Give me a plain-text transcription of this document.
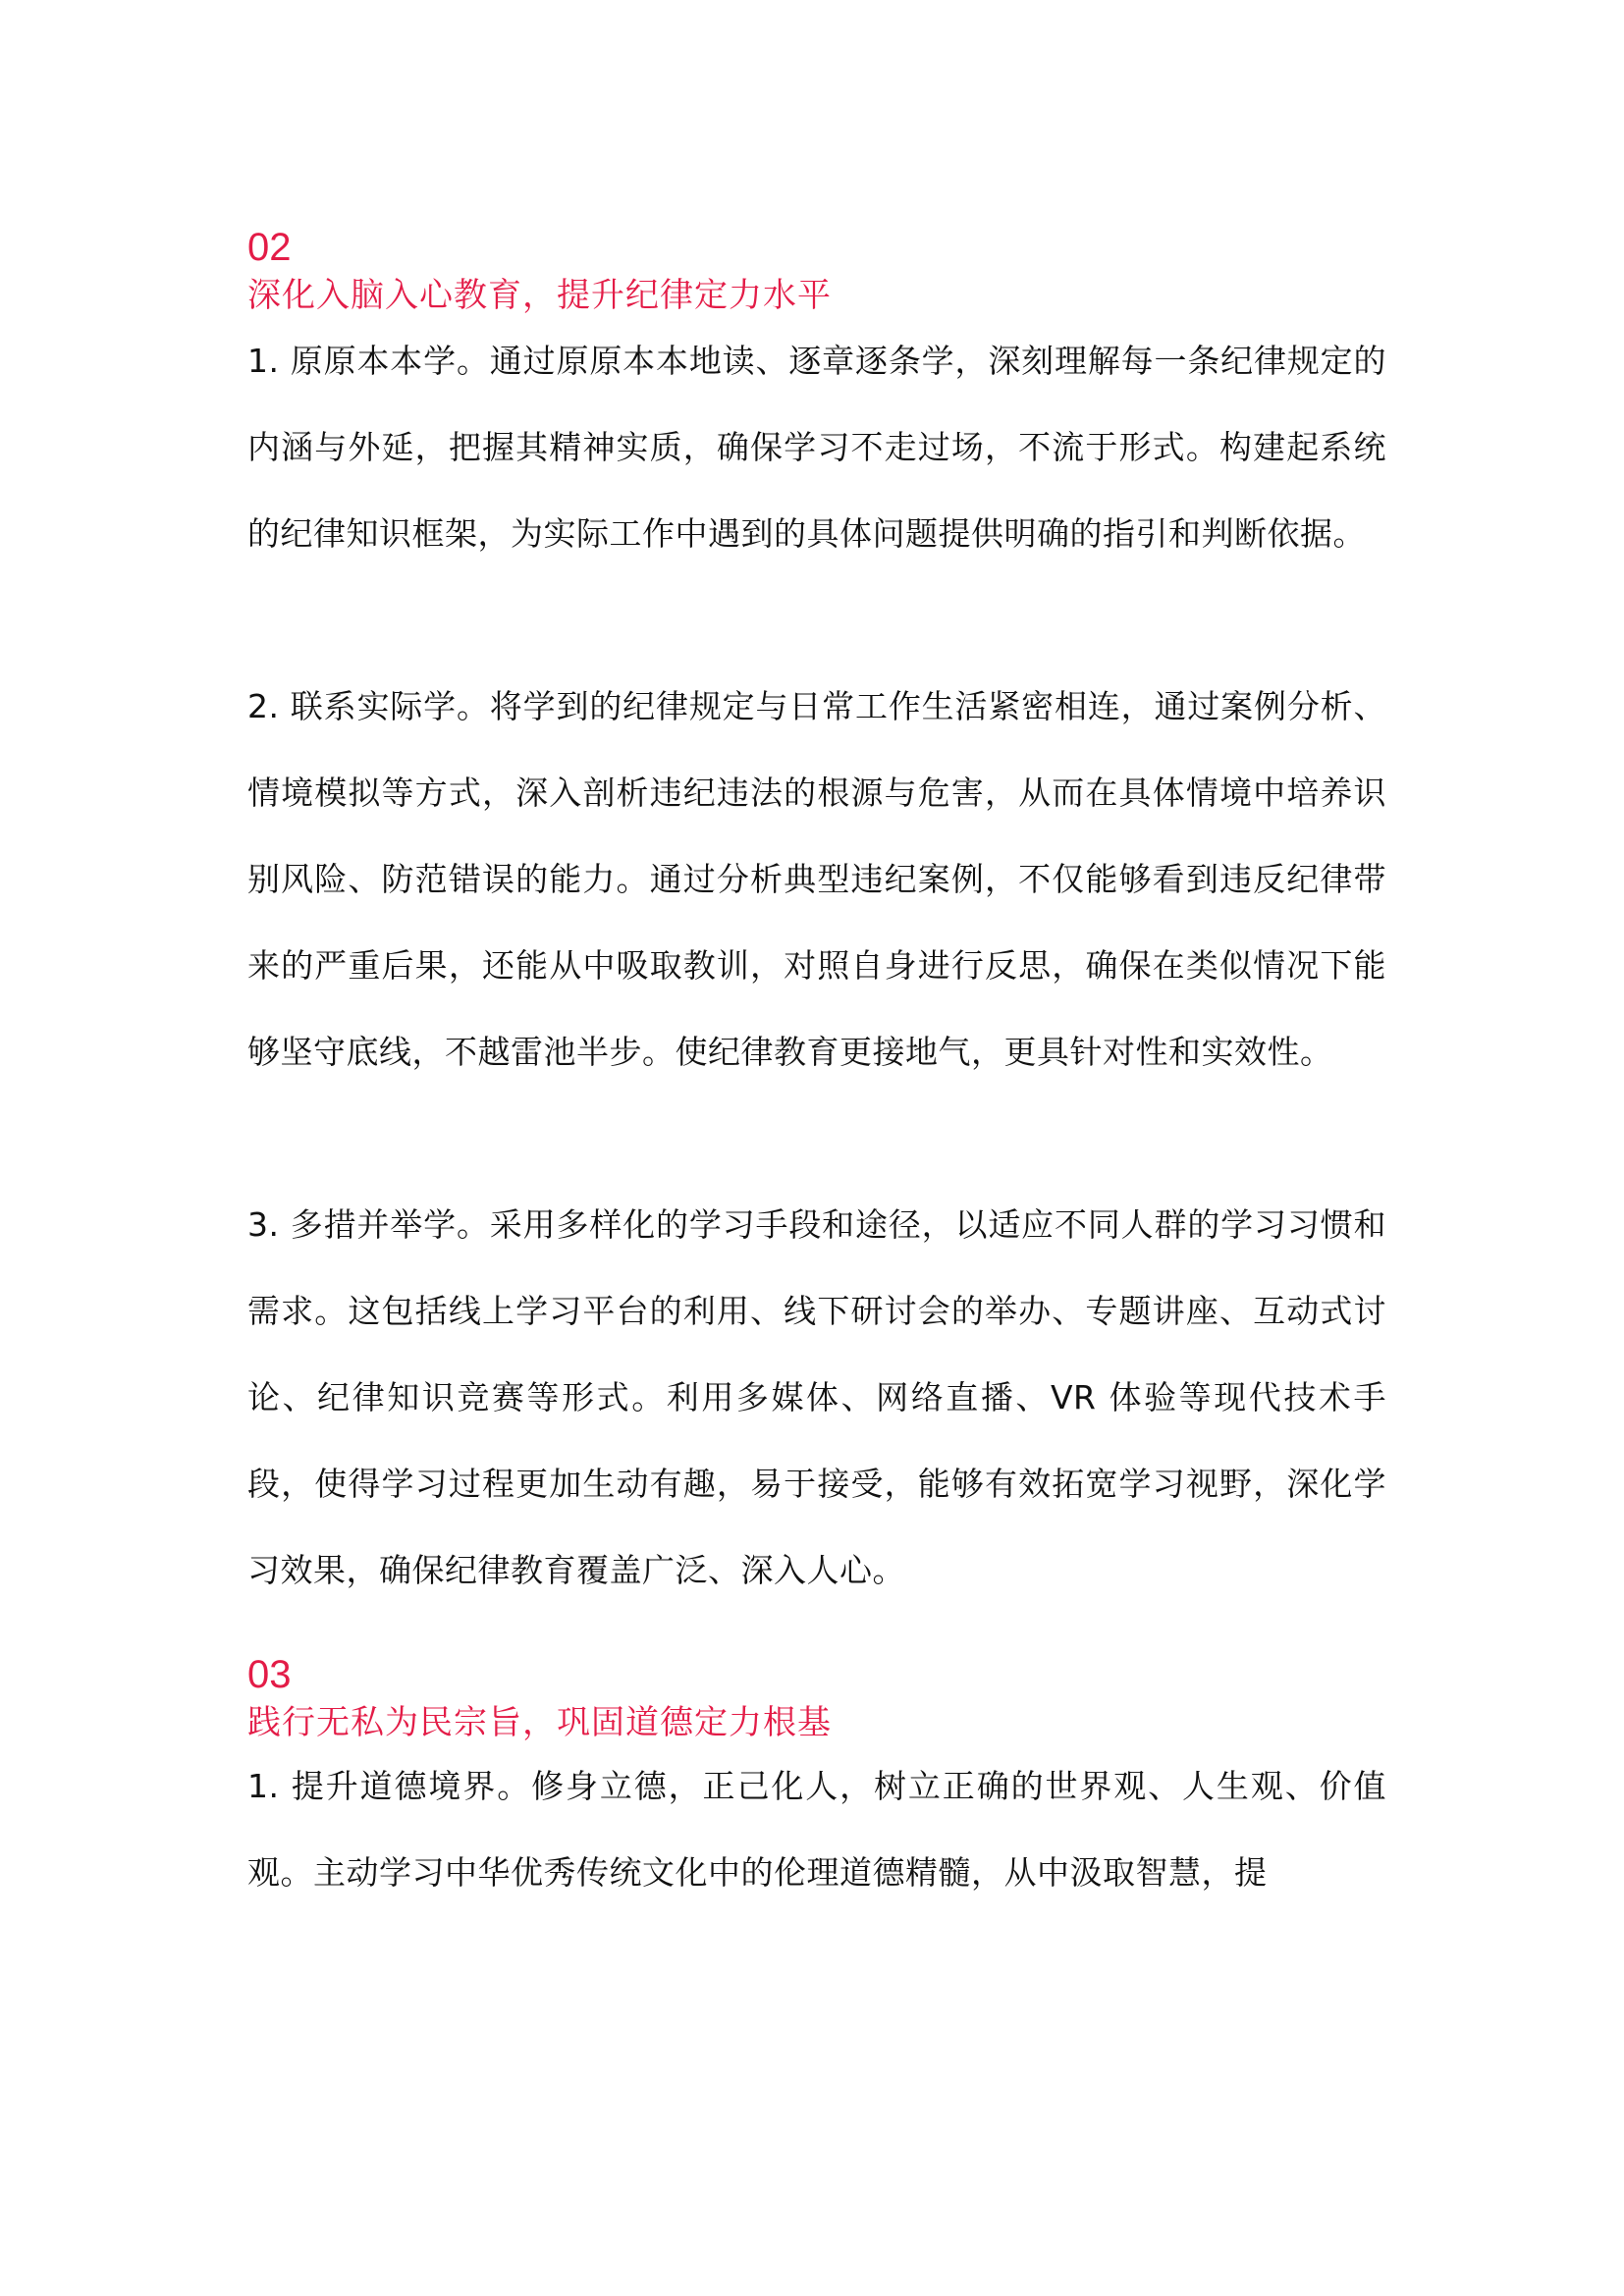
02
深化入脑入心教育，提升纪律定力水平

1. 原原本本学。通过原原本本地读、逐章逐条学，深刻理解每一条纪律规定的内涵与外延，把握其精神实质，确保学习不走过场，不流于形式。构建起系统的纪律知识框架，为实际工作中遇到的具体问题提供明确的指引和判断依据。

2. 联系实际学。将学到的纪律规定与日常工作生活紧密相连，通过案例分析、情境模拟等方式，深入剖析违纪违法的根源与危害，从而在具体情境中培养识别风险、防范错误的能力。通过分析典型违纪案例，不仅能够看到违反纪律带来的严重后果，还能从中吸取教训，对照自身进行反思，确保在类似情况下能够坚守底线，不越雷池半步。使纪律教育更接地气，更具针对性和实效性。

3. 多措并举学。采用多样化的学习手段和途径，以适应不同人群的学习习惯和需求。这包括线上学习平台的利用、线下研讨会的举办、专题讲座、互动式讨论、纪律知识竞赛等形式。利用多媒体、网络直播、VR 体验等现代技术手段，使得学习过程更加生动有趣，易于接受，能够有效拓宽学习视野，深化学习效果，确保纪律教育覆盖广泛、深入人心。

03
践行无私为民宗旨，巩固道德定力根基

1. 提升道德境界。修身立德，正己化人，树立正确的世界观、人生观、价值观。主动学习中华优秀传统文化中的伦理道德精髓，从中汲取智慧，提
